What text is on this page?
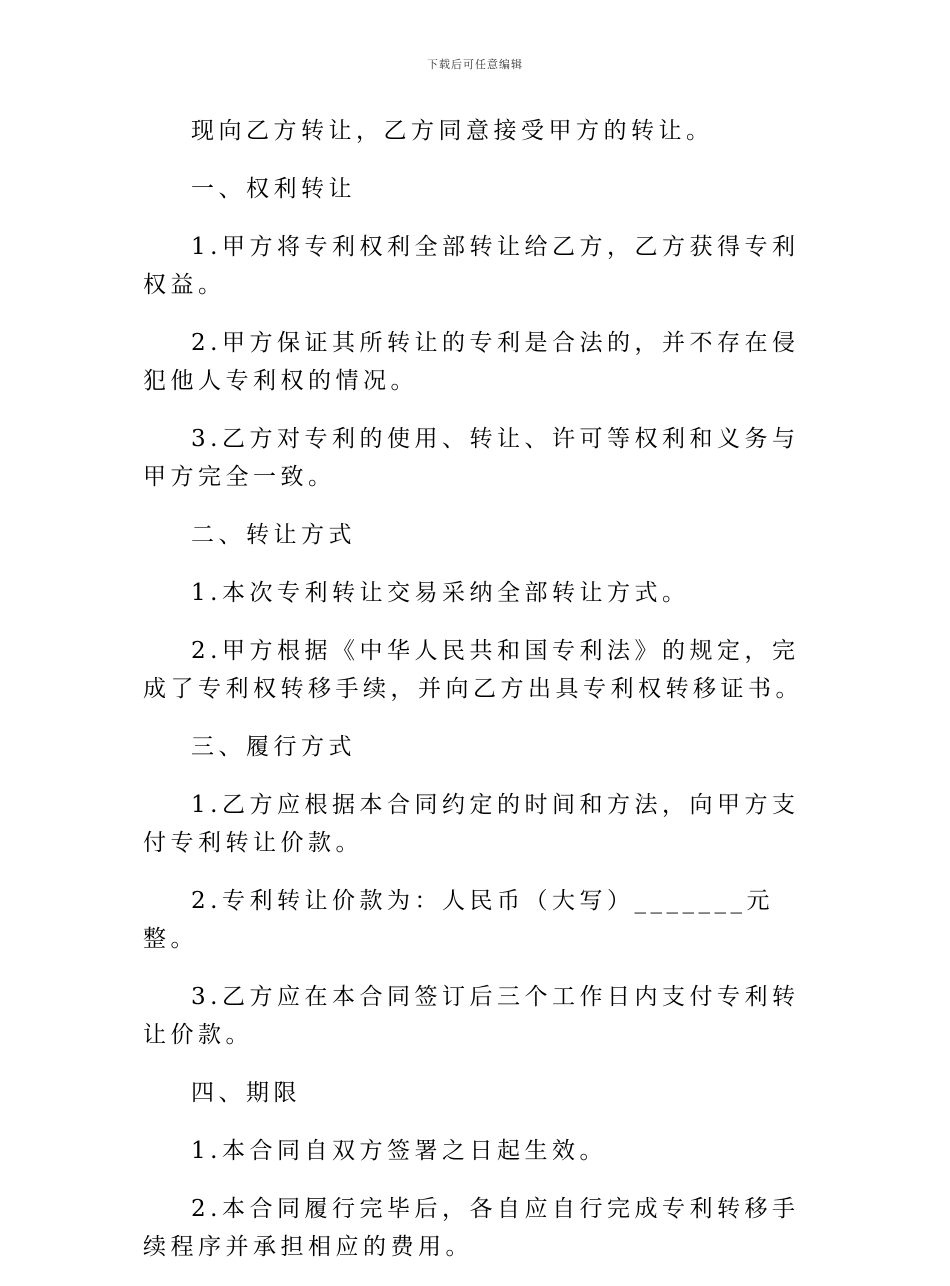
下载后可任意编辑

现向乙方转让，乙方同意接受甲方的转让。

一、权利转让

1.甲方将专利权利全部转让给乙方，乙方获得专利权益。

2.甲方保证其所转让的专利是合法的，并不存在侵犯他人专利权的情况。

3.乙方对专利的使用、转让、许可等权利和义务与甲方完全一致。

二、转让方式

1.本次专利转让交易采纳全部转让方式。

2.甲方根据《中华人民共和国专利法》的规定，完成了专利权转移手续，并向乙方出具专利权转移证书。

三、履行方式

1.乙方应根据本合同约定的时间和方法，向甲方支付专利转让价款。

2.专利转让价款为：人民币（大写）_______元整。

3.乙方应在本合同签订后三个工作日内支付专利转让价款。

四、期限

1.本合同自双方签署之日起生效。

2.本合同履行完毕后，各自应自行完成专利转移手续程序并承担相应的费用。
